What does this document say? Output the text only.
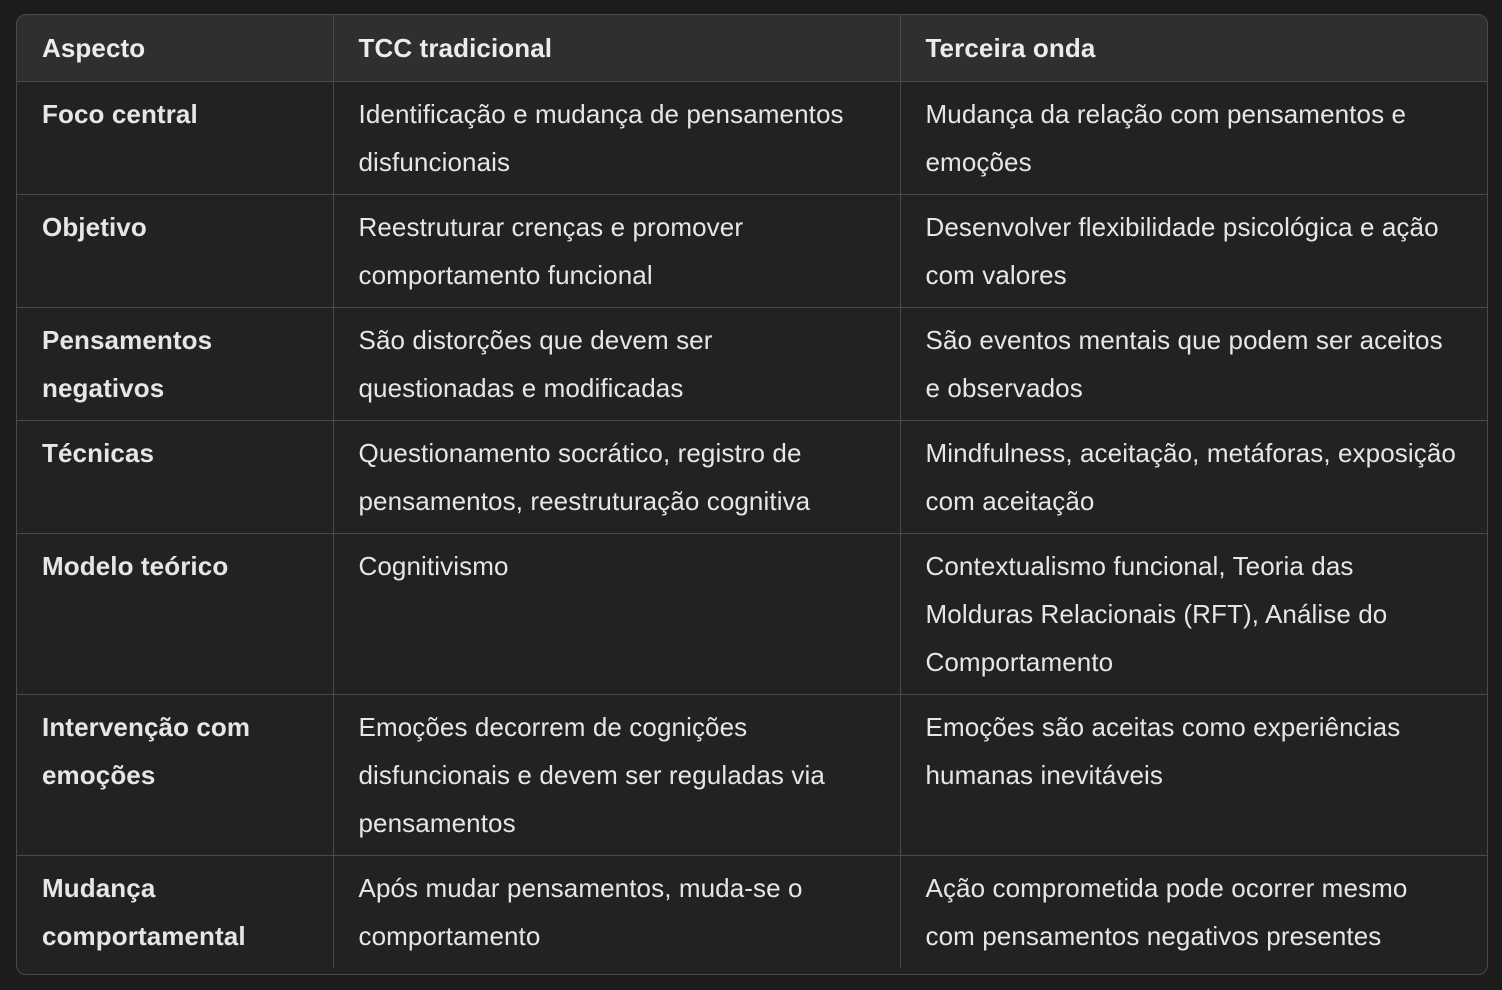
Aspecto	TCC tradicional	Terceira onda
Foco central	Identificação e mudança de pensamentos disfuncionais	Mudança da relação com pensamentos e emoções
Objetivo	Reestruturar crenças e promover comportamento funcional	Desenvolver flexibilidade psicológica e ação com valores
Pensamentos negativos	São distorções que devem ser questionadas e modificadas	São eventos mentais que podem ser aceitos e observados
Técnicas	Questionamento socrático, registro de pensamentos, reestruturação cognitiva	Mindfulness, aceitação, metáforas, exposição com aceitação
Modelo teórico	Cognitivismo	Contextualismo funcional, Teoria das Molduras Relacionais (RFT), Análise do Comportamento
Intervenção com emoções	Emoções decorrem de cognições disfuncionais e devem ser reguladas via pensamentos	Emoções são aceitas como experiências humanas inevitáveis
Mudança comportamental	Após mudar pensamentos, muda-se o comportamento	Ação comprometida pode ocorrer mesmo com pensamentos negativos presentes
